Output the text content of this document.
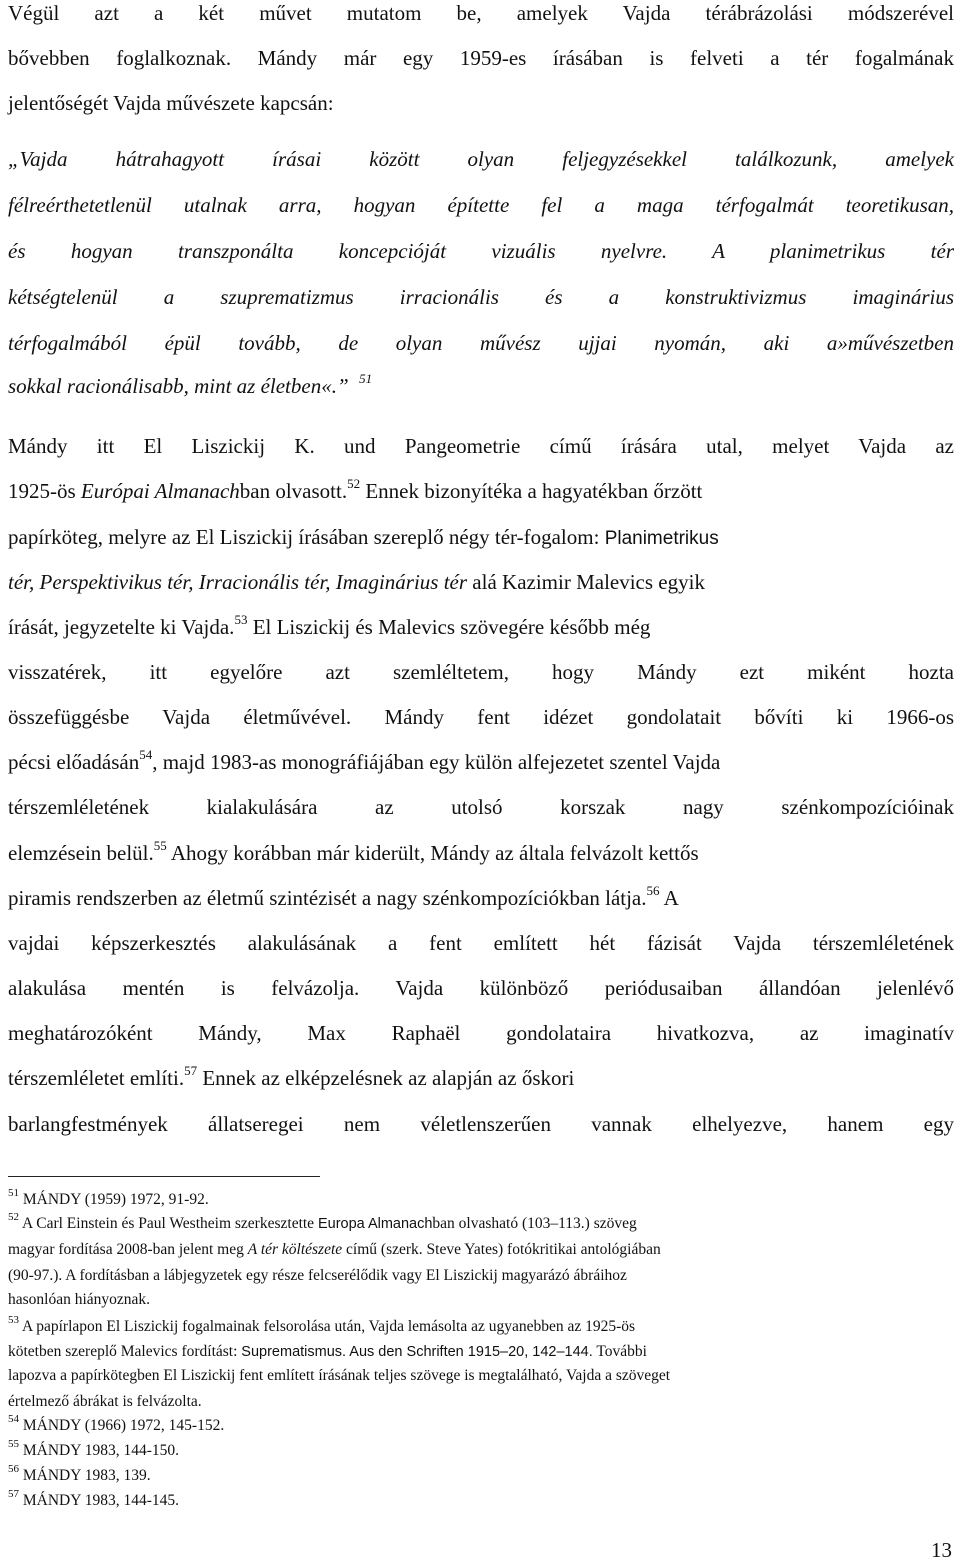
Végül azt a két művet mutatom be, amelyek Vajda térábrázolási módszerével
bővebben foglalkoznak. Mándy már egy 1959-es írásában is felveti a tér fogalmának
jelentőségét Vajda művészete kapcsán:
„Vajda hátrahagyott írásai között olyan feljegyzésekkel találkozunk, amelyek
félreérthetetlenül utalnak arra, hogyan építette fel a maga térfogalmát teoretikusan,
és hogyan transzponálta koncepcióját vizuális nyelvre. A planimetrikus tér
kétségtelenül a szuprematizmus irracionális és a konstruktivizmus imaginárius
térfogalmából épül tovább, de olyan művész ujjai nyomán, aki a»művészetben
sokkal racionálisabb, mint az életben«.” $^{51}$
Mándy itt El Liszickij K. und Pangeometrie című írására utal, melyet Vajda az
1925-ös Európai Almanachban olvasott.$^{52}$ Ennek bizonyítéka a hagyatékban őrzött
papírköteg, melyre az El Liszickij írásában szereplő négy tér-fogalom: Planimetrikus
tér, Perspektivikus tér, Irracionális tér, Imaginárius tér alá Kazimir Malevics egyik
írását, jegyzetelte ki Vajda.$^{53}$ El Liszickij és Malevics szövegére később még
visszatérek, itt egyelőre azt szemléltetem, hogy Mándy ezt miként hozta
összefüggésbe Vajda életművével. Mándy fent idézet gondolatait bővíti ki 1966-os
pécsi előadásán$^{54}$, majd 1983-as monográfiájában egy külön alfejezetet szentel Vajda
térszemléletének kialakulására az utolsó korszak nagy szénkompozícióinak
elemzésein belül.$^{55}$ Ahogy korábban már kiderült, Mándy az általa felvázolt kettős
piramis rendszerben az életmű szintézisét a nagy szénkompozíciókban látja.$^{56}$ A
vajdai képszerkesztés alakulásának a fent említett hét fázisát Vajda térszemléletének
alakulása mentén is felvázolja. Vajda különböző periódusaiban állandóan jelenlévő
meghatározóként Mándy, Max Raphaël gondolataira hivatkozva, az imaginatív
térszemléletet említi.$^{57}$ Ennek az elképzelésnek az alapján az őskori
barlangfestmények állatseregei nem véletlenszerűen vannak elhelyezve, hanem egy
$^{51}$ MÁNDY (1959) 1972, 91-92.
$^{52}$ A Carl Einstein és Paul Westheim szerkesztette Europa Almanachban olvasható (103–113.) szöveg
magyar fordítása 2008-ban jelent meg A tér költészete című (szerk. Steve Yates) fotókritikai antológiában
(90-97.). A fordításban a lábjegyzetek egy része felcserélődik vagy El Liszickij magyarázó ábráihoz
hasonlóan hiányoznak.
$^{53}$ A papírlapon El Liszickij fogalmainak felsorolása után, Vajda lemásolta az ugyanebben az 1925-ös
kötetben szereplő Malevics fordítást: Suprematismus. Aus den Schriften 1915–20, 142–144. További
lapozva a papírkötegben El Liszickij fent említett írásának teljes szövege is megtalálható, Vajda a szöveget
értelmező ábrákat is felvázolta.
$^{54}$ MÁNDY (1966) 1972, 145-152.
$^{55}$ MÁNDY 1983, 144-150.
$^{56}$ MÁNDY 1983, 139.
$^{57}$ MÁNDY 1983, 144-145.
13
